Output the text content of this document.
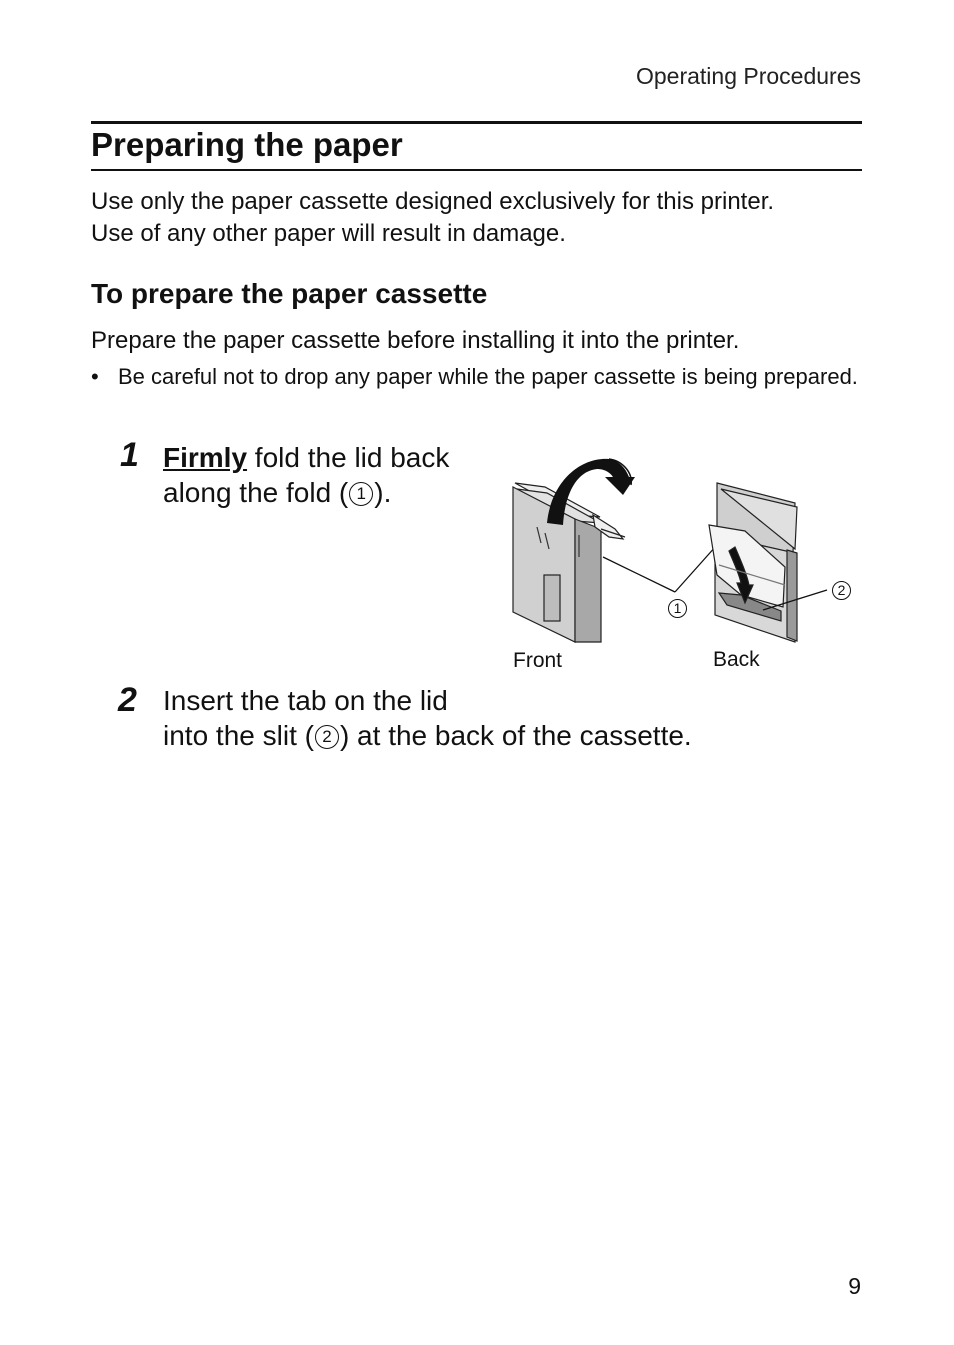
Operating Procedures
Preparing the paper

Use only the paper cassette designed exclusively for this printer.
Use of any other paper will result in damage.

To prepare the paper cassette

Prepare the paper cassette before installing it into the printer.

• Be careful not to drop any paper while the paper cassette is being prepared.
1 Firmly fold the lid back
along the fold ( 1 ).
1
2
Front	Back
2 Insert the tab on the lid
into the slit ( 2 ) at the back of the cassette.
9
